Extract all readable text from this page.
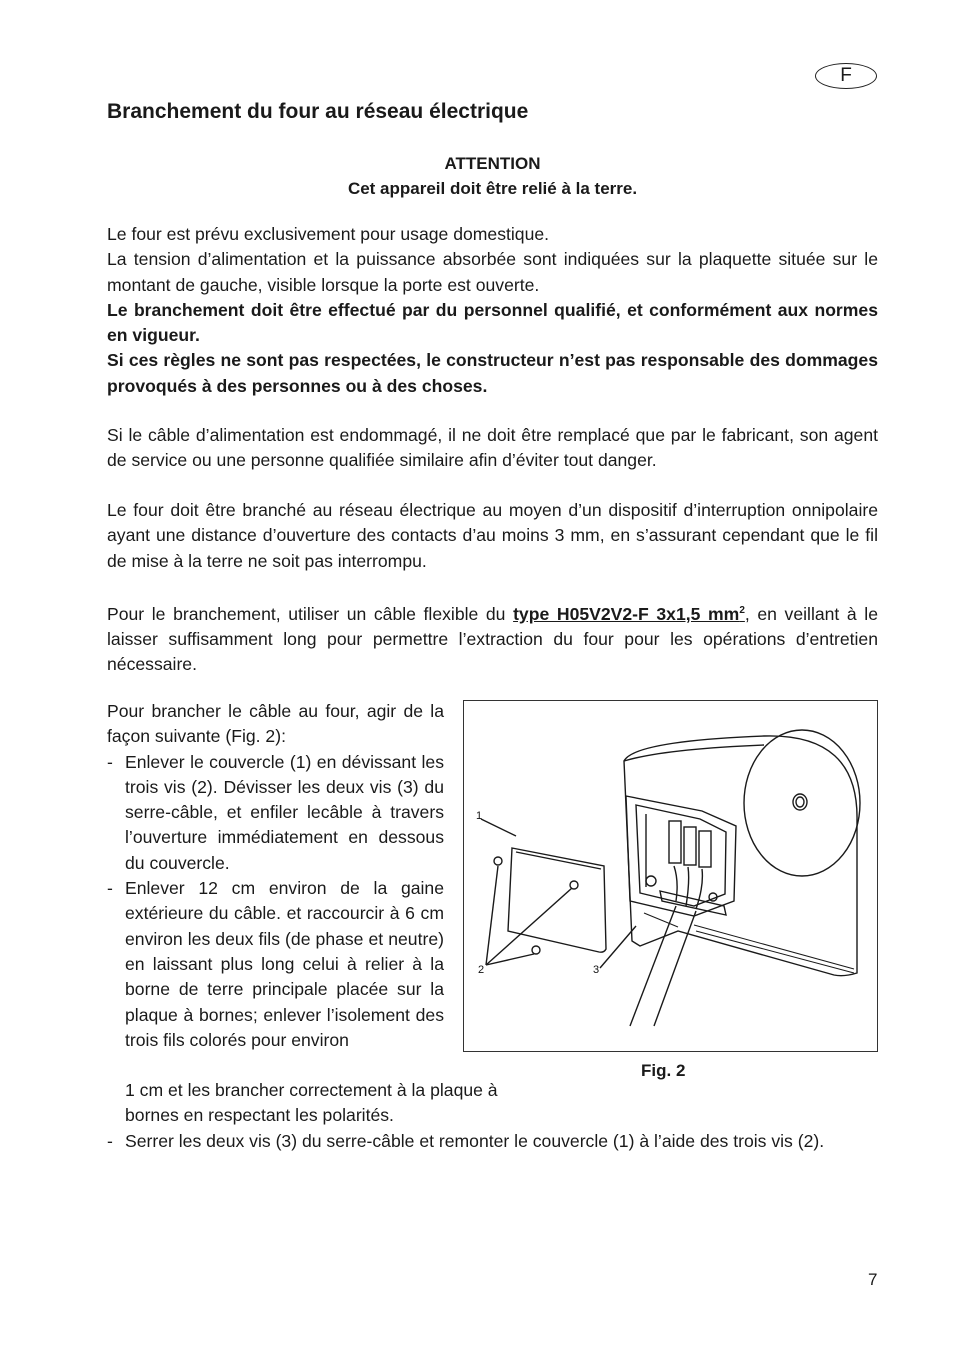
F
Branchement du four au réseau électrique
ATTENTION
Cet appareil doit être relié à la terre.
Le four est prévu exclusivement pour usage domestique.
La tension d’alimentation et la puissance absorbée sont indiquées sur la plaquette située sur le montant de gauche, visible lorsque la porte est ouverte.
Le branchement doit être effectué par du personnel qualifié, et conformément aux normes en vigueur.
Si ces règles ne sont pas respectées, le constructeur n’est pas responsable des dommages provoqués à des personnes ou à des choses.

Si le câble d’alimentation est endommagé, il ne doit être remplacé que par le fabricant, son agent de service ou une personne qualifiée similaire afin d’éviter tout danger.

Le four doit être branché au réseau électrique au moyen d’un dispositif d’interruption onnipolaire ayant une distance d’ouverture des contacts d’au moins 3 mm, en s’assurant cependant que le fil de mise à la terre ne soit pas interrompu.

Pour le branchement, utiliser un câble flexible du type H05V2V2-F 3x1,5 $mm^2$, en veillant à le laisser suffisamment long pour permettre l’extraction du four pour les opérations d’entretien nécessaire.

Pour brancher le câble au four, agir de la façon suivante (Fig. 2):
- Enlever le couvercle (1) en dévissant les trois vis (2). Dévisser les deux vis (3) du serre-câble, et enfiler lecâble à travers l’ouverture immédiatement en dessous du couvercle.
- Enlever 12 cm environ de la gaine extérieure du câble. et raccourcir à 6 cm environ les deux fils (de phase et neutre) en laissant plus long celui à relier à la borne de terre principale placée sur la plaque à bornes; enlever l’isolement des trois fils colorés pour environ
1 cm et les brancher correctement à la plaque à bornes en respectant les polarités.
- Serrer les deux vis (3) du serre-câble et remonter le couvercle (1) à l’aide des trois vis (2).
1
2	3
Fig. 2
7
